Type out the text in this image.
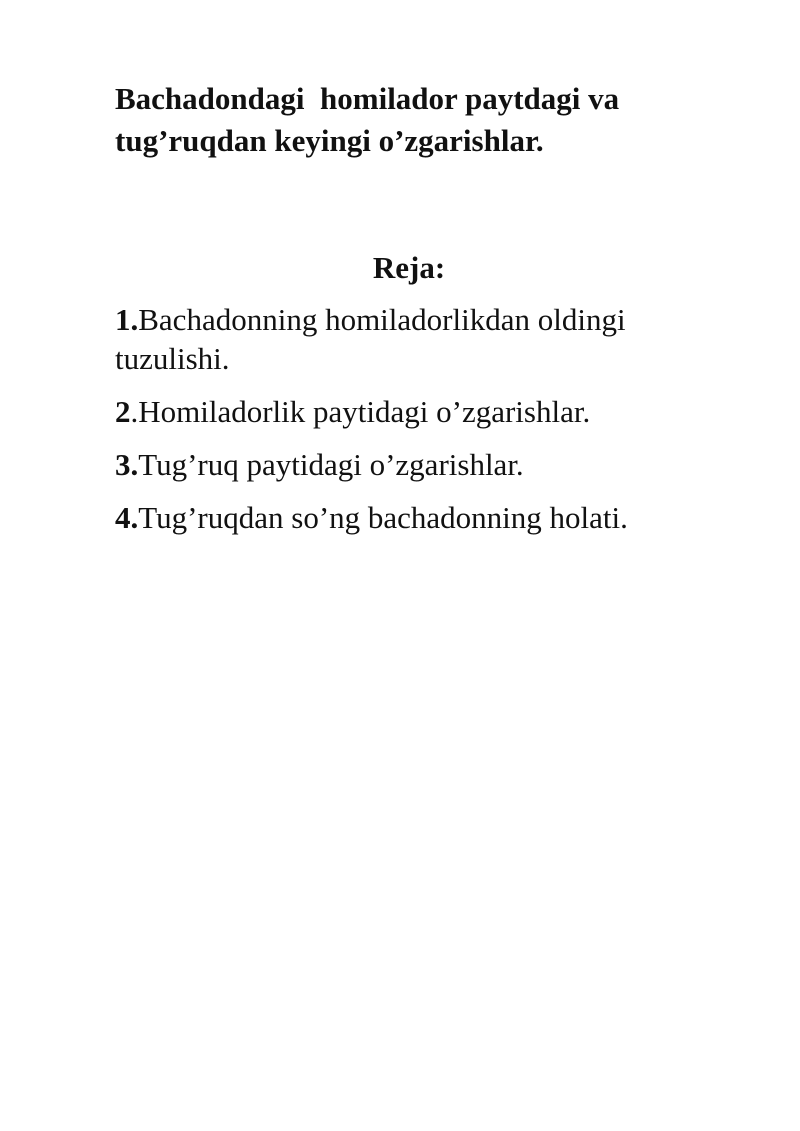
Bachadondagi  homilador paytdagi va tug’ruqdan keyingi o’zgarishlar.
Reja:
1.Bachadonning homiladorlikdan oldingi tuzulishi.
2.Homiladorlik paytidagi o’zgarishlar.
3.Tug’ruq paytidagi o’zgarishlar.
4.Tug’ruqdan so’ng bachadonning holati.
